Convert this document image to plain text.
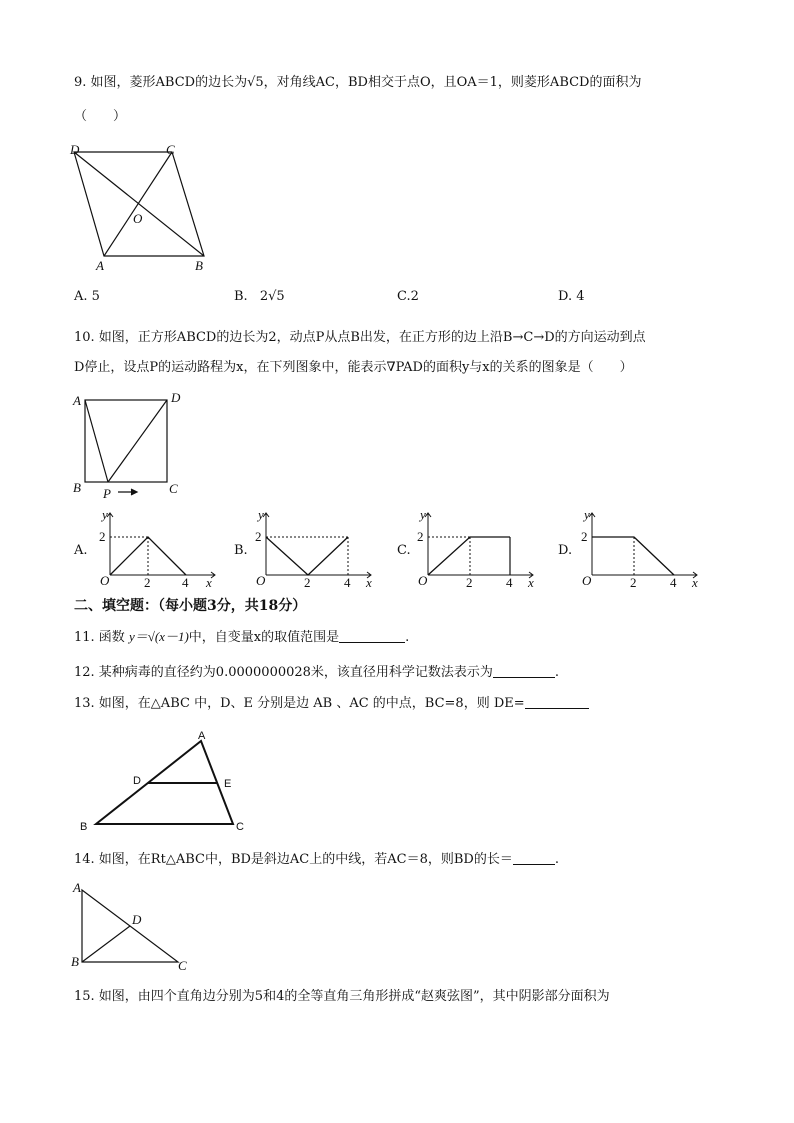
9. 如图，菱形ABCD的边长为√5，对角线AC，BD相交于点O，且OA＝1，则菱形ABCD的面积为
（　　）
D	C
O
A	B
A. 5	B. 2√5	C.2	D. 4
10. 如图，正方形ABCD的边长为2，动点P从点B出发，在正方形的边上沿B→C→D的方向运动到点
D停止，设点P的运动路程为x，在下列图象中，能表示∇PAD的面积y与x的关系的图象是（　　）
A	D
B	C
P
A.
y
x
O
2
2 4
B.
y
x
O
2
2	4
C.
y
x
O
2
2	4
D.
y
x
O
2
2	4
二、填空题：（每小题3分，共18分）
11. 函数 y＝√(x－1)中，自变量x的取值范围是	.
12. 某种病毒的直径约为0.0000000028米，该直径用科学记数法表示为	.
13. 如图，在△ABC 中，D、E 分别是边 AB 、AC 的中点，BC=8，则 DE=
A
D	E
B	C
14. 如图，在Rt△ABC中，BD是斜边AC上的中线，若AC＝8，则BD的长＝	.
A
D
B	C
15. 如图，由四个直角边分别为5和4的全等直角三角形拼成“赵爽弦图”，其中阴影部分面积为
